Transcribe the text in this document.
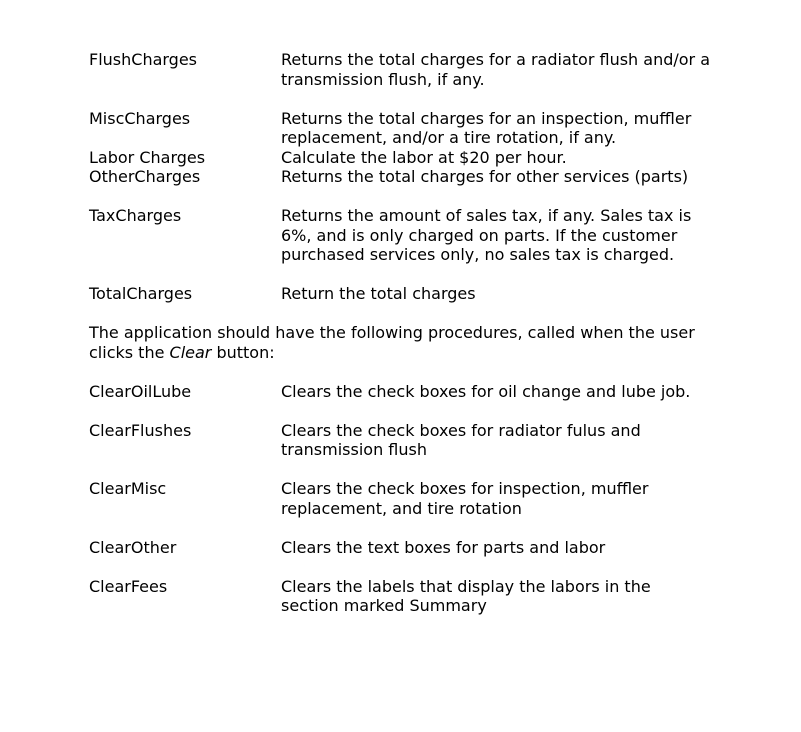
FlushCharges	Returns the total charges for a radiator flush and/or a transmission flush, if any.
MiscCharges	Returns the total charges for an inspection, muffler replacement, and/or a tire rotation, if any.
Labor Charges	Calculate the labor at $20 per hour.
OtherCharges	Returns the total charges for other services (parts)
TaxCharges	Returns the amount of sales tax, if any. Sales tax is 6%, and is only charged on parts. If the customer purchased services only, no sales tax is charged.
TotalCharges	Return the total charges
The application should have the following procedures, called when the user clicks the Clear button:
ClearOilLube	Clears the check boxes for oil change and lube job.
ClearFlushes	Clears the check boxes for radiator fulus and transmission flush
ClearMisc	Clears the check boxes for inspection, muffler replacement, and tire rotation
ClearOther	Clears the text boxes for parts and labor
ClearFees	Clears the labels that display the labors in the section marked Summary
